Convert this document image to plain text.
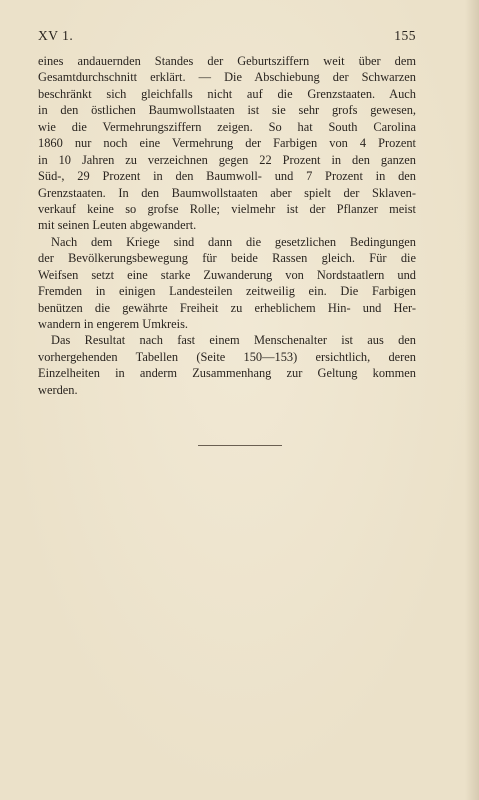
XV 1.	155
eines andauernden Standes der Geburtsziffern weit über dem
Gesamtdurchschnitt erklärt. — Die Abschiebung der Schwarzen
beschränkt sich gleichfalls nicht auf die Grenzstaaten. Auch
in den östlichen Baumwollstaaten ist sie sehr grofs gewesen,
wie die Vermehrungsziffern zeigen. So hat South Carolina
1860 nur noch eine Vermehrung der Farbigen von 4 Prozent
in 10 Jahren zu verzeichnen gegen 22 Prozent in den ganzen
Süd-, 29 Prozent in den Baumwoll- und 7 Prozent in den
Grenzstaaten. In den Baumwollstaaten aber spielt der Sklaven-
verkauf keine so grofse Rolle; vielmehr ist der Pflanzer meist
mit seinen Leuten abgewandert.
Nach dem Kriege sind dann die gesetzlichen Bedingungen
der Bevölkerungsbewegung für beide Rassen gleich. Für die
Weifsen setzt eine starke Zuwanderung von Nordstaatlern und
Fremden in einigen Landesteilen zeitweilig ein. Die Farbigen
benützen die gewährte Freiheit zu erheblichem Hin- und Her-
wandern in engerem Umkreis.
Das Resultat nach fast einem Menschenalter ist aus den
vorhergehenden Tabellen (Seite 150—153) ersichtlich, deren
Einzelheiten in anderm Zusammenhang zur Geltung kommen
werden.
